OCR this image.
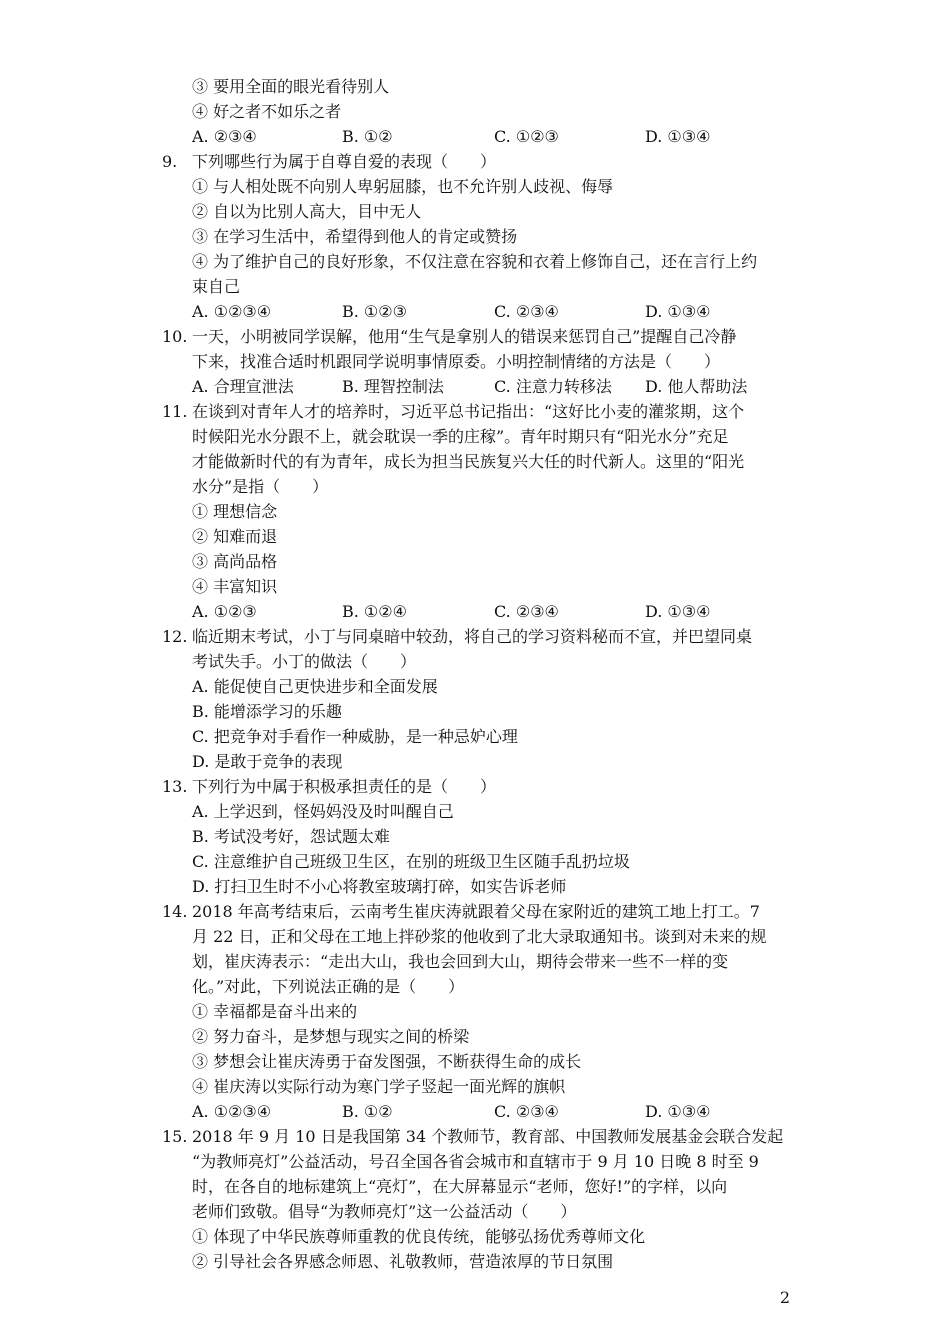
③ 要用全面的眼光看待别人
④ 好之者不如乐之者
A. ②③④	B. ①②	C. ①②③	D. ①③④
9. 下列哪些行为属于自尊自爱的表现（　　）
① 与人相处既不向别人卑躬屈膝，也不允许别人歧视、侮辱
② 自以为比别人高大，目中无人
③ 在学习生活中，希望得到他人的肯定或赞扬
④ 为了维护自己的良好形象，不仅注意在容貌和衣着上修饰自己，还在言行上约
束自己
A. ①②③④	B. ①②③	C. ②③④	D. ①③④
10. 一天，小明被同学误解，他用“生气是拿别人的错误来惩罚自己”提醒自己冷静
下来，找准合适时机跟同学说明事情原委。小明控制情绪的方法是（　　）
A. 合理宣泄法	B. 理智控制法	C. 注意力转移法 D. 他人帮助法
11. 在谈到对青年人才的培养时，习近平总书记指出：“这好比小麦的灌浆期，这个
时候阳光水分跟不上，就会耽误一季的庄稼”。青年时期只有“阳光水分”充足
才能做新时代的有为青年，成长为担当民族复兴大任的时代新人。这里的“阳光
水分”是指（　　）
① 理想信念
② 知难而退
③ 高尚品格
④ 丰富知识
A. ①②③	B. ①②④	C. ②③④	D. ①③④
12. 临近期末考试，小丁与同桌暗中较劲，将自己的学习资料秘而不宣，并巴望同桌
考试失手。小丁的做法（　　）
A. 能促使自己更快进步和全面发展
B. 能增添学习的乐趣
C. 把竞争对手看作一种威胁，是一种忌妒心理
D. 是敢于竞争的表现
13. 下列行为中属于积极承担责任的是（　　）
A. 上学迟到，怪妈妈没及时叫醒自己
B. 考试没考好，怨试题太难
C. 注意维护自己班级卫生区，在别的班级卫生区随手乱扔垃圾
D. 打扫卫生时不小心将教室玻璃打碎，如实告诉老师
14. 2018 年高考结束后，云南考生崔庆涛就跟着父母在家附近的建筑工地上打工。7
月 22 日，正和父母在工地上拌砂浆的他收到了北大录取通知书。谈到对未来的规
划，崔庆涛表示：“走出大山，我也会回到大山，期待会带来一些不一样的变
化。”对此，下列说法正确的是（　　）
① 幸福都是奋斗出来的
② 努力奋斗，是梦想与现实之间的桥梁
③ 梦想会让崔庆涛勇于奋发图强，不断获得生命的成长
④ 崔庆涛以实际行动为寒门学子竖起一面光辉的旗帜
A. ①②③④	B. ①②	C. ②③④	D. ①③④
15. 2018 年 9 月 10 日是我国第 34 个教师节，教育部、中国教师发展基金会联合发起
“为教师亮灯”公益活动，号召全国各省会城市和直辖市于 9 月 10 日晚 8 时至 9
时，在各自的地标建筑上“亮灯”，在大屏幕显示“老师，您好!”的字样，以向
老师们致敬。倡导“为教师亮灯”这一公益活动（　　）
① 体现了中华民族尊师重教的优良传统，能够弘扬优秀尊师文化
② 引导社会各界感念师恩、礼敬教师，营造浓厚的节日氛围
2
